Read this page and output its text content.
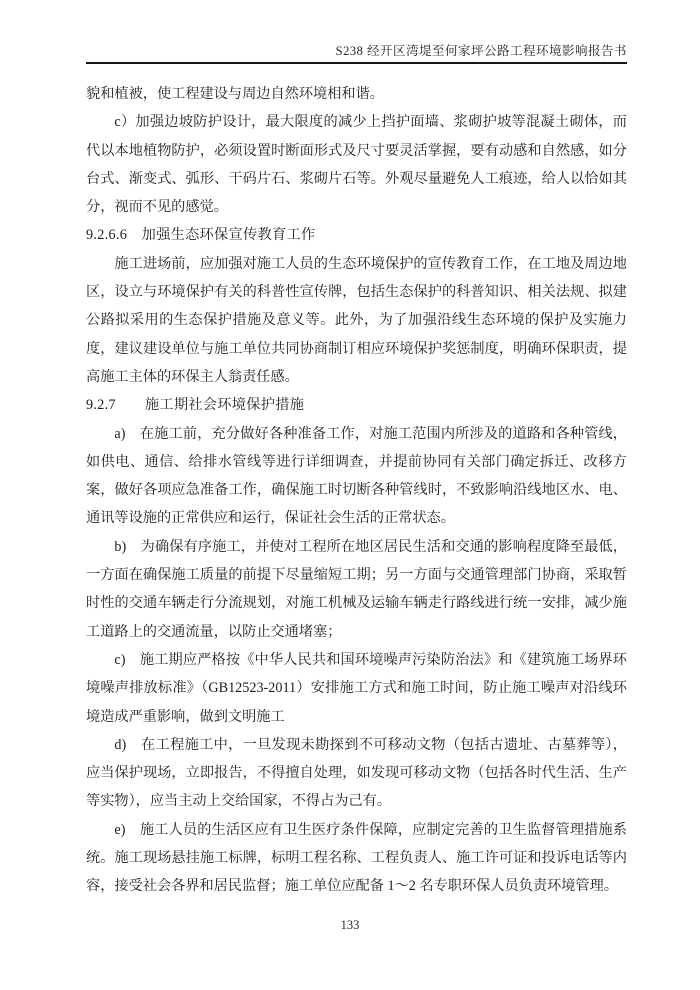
S238 经开区湾堤至何家坪公路工程环境影响报告书
貌和植被，使工程建设与周边自然环境相和谐。
c）加强边坡防护设计，最大限度的减少上挡护面墙、浆砌护坡等混凝土砌体，而代以本地植物防护，必须设置时断面形式及尺寸要灵活掌握，要有动感和自然感，如分台式、渐变式、弧形、干码片石、浆砌片石等。外观尽量避免人工痕迹，给人以恰如其分，视而不见的感觉。
9.2.6.6　加强生态环保宣传教育工作
施工进场前，应加强对施工人员的生态环境保护的宣传教育工作，在工地及周边地区，设立与环境保护有关的科普性宣传牌，包括生态保护的科普知识、相关法规、拟建公路拟采用的生态保护措施及意义等。此外，为了加强沿线生态环境的保护及实施力度，建议建设单位与施工单位共同协商制订相应环境保护奖惩制度，明确环保职责，提高施工主体的环保主人翁责任感。
9.2.7　　施工期社会环境保护措施
a)　在施工前，充分做好各种准备工作，对施工范围内所涉及的道路和各种管线，如供电、通信、给排水管线等进行详细调查，并提前协同有关部门确定拆迁、改移方案，做好各项应急准备工作，确保施工时切断各种管线时，不致影响沿线地区水、电、通讯等设施的正常供应和运行，保证社会生活的正常状态。
b)　为确保有序施工，并使对工程所在地区居民生活和交通的影响程度降至最低，一方面在确保施工质量的前提下尽量缩短工期；另一方面与交通管理部门协商，采取暂时性的交通车辆走行分流规划，对施工机械及运输车辆走行路线进行统一安排，减少施工道路上的交通流量，以防止交通堵塞；
c)　施工期应严格按《中华人民共和国环境噪声污染防治法》和《建筑施工场界环境噪声排放标准》（GB12523-2011）安排施工方式和施工时间，防止施工噪声对沿线环境造成严重影响，做到文明施工
d)　在工程施工中，一旦发现未勘探到不可移动文物（包括古遗址、古墓葬等），应当保护现场，立即报告，不得擅自处理，如发现可移动文物（包括各时代生活、生产等实物），应当主动上交给国家，不得占为己有。
e)　施工人员的生活区应有卫生医疗条件保障，应制定完善的卫生监督管理措施系统。施工现场悬挂施工标牌，标明工程名称、工程负责人、施工许可证和投诉电话等内容，接受社会各界和居民监督；施工单位应配备 1～2 名专职环保人员负责环境管理。
133
